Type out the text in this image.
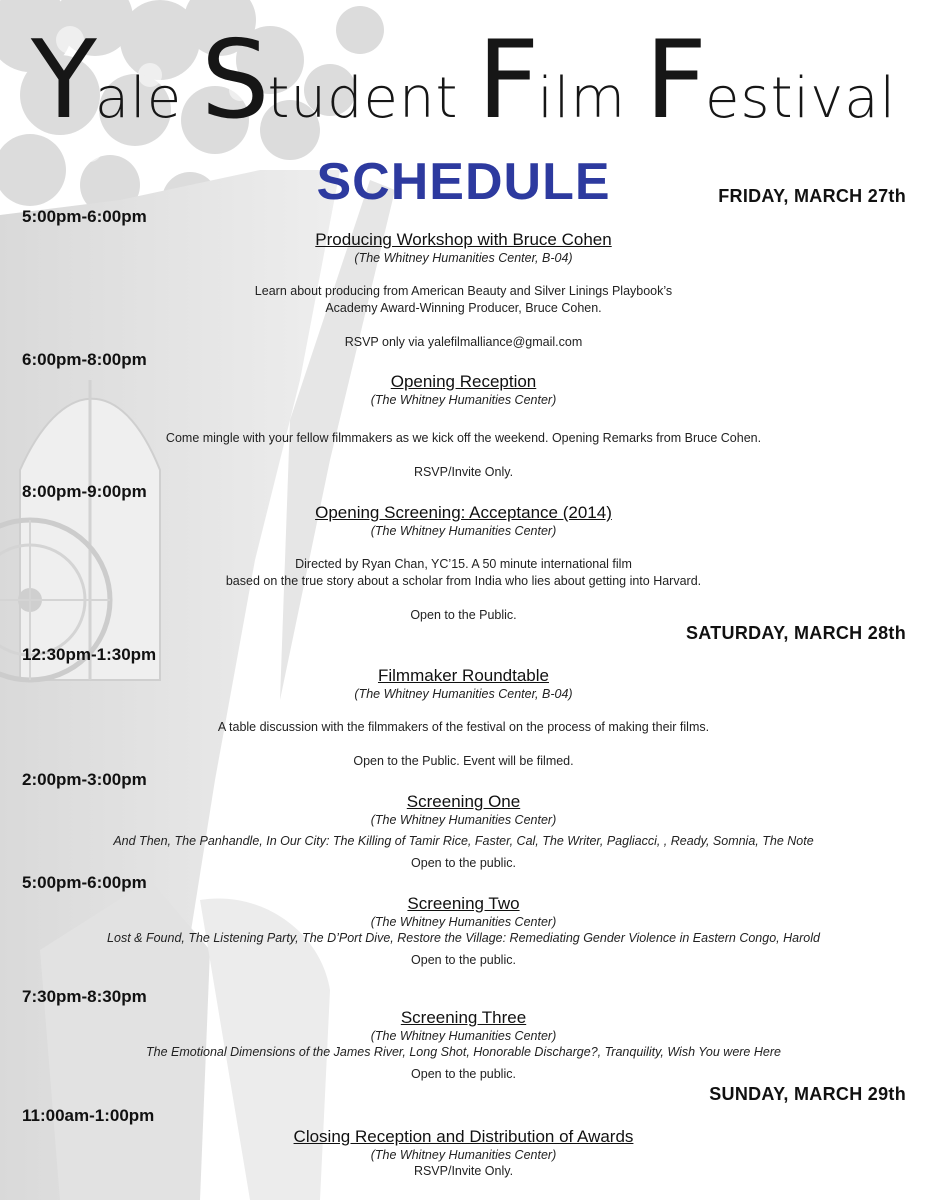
Yale Student Film Festival
SCHEDULE	FRIDAY, MARCH 27th
SATURDAY, MARCH 28th
SUNDAY, MARCH 29th
5:00pm-6:00pm
Producing Workshop with Bruce Cohen
(The Whitney Humanities Center, B-04)
Learn about producing from American Beauty and Silver Linings Playbook’s
Academy Award-Winning Producer, Bruce Cohen.
RSVP only via yalefilmalliance@gmail.com
6:00pm-8:00pm
Opening Reception
(The Whitney Humanities Center)
Come mingle with your fellow filmmakers as we kick off the weekend. Opening Remarks from Bruce Cohen.
RSVP/Invite Only.
8:00pm-9:00pm
Opening Screening: Acceptance (2014)
(The Whitney Humanities Center)
Directed by Ryan Chan, YC’15. A 50 minute international film
based on the true story about a scholar from India who lies about getting into Harvard.
Open to the Public.
12:30pm-1:30pm
Filmmaker Roundtable
(The Whitney Humanities Center, B-04)
A table discussion with the filmmakers of the festival on the process of making their films.
Open to the Public. Event will be filmed.
2:00pm-3:00pm
Screening One
(The Whitney Humanities Center)
And Then, The Panhandle, In Our City: The Killing of Tamir Rice, Faster, Cal, The Writer, Pagliacci, , Ready, Somnia, The Note
Open to the public.
5:00pm-6:00pm
Screening Two
(The Whitney Humanities Center)
Lost & Found, The Listening Party, The D’Port Dive, Restore the Village: Remediating Gender Violence in Eastern Congo, Harold
Open to the public.
7:30pm-8:30pm
Screening Three
(The Whitney Humanities Center)
The Emotional Dimensions of the James River, Long Shot, Honorable Discharge?, Tranquility, Wish You were Here
Open to the public.
11:00am-1:00pm
Closing Reception and Distribution of Awards
(The Whitney Humanities Center)
RSVP/Invite Only.
